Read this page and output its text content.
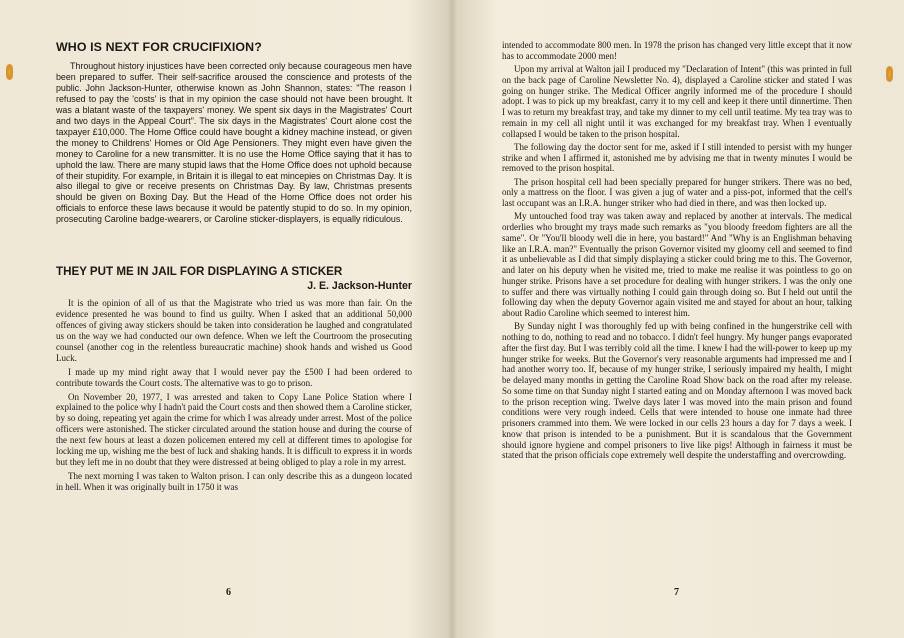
WHO IS NEXT FOR CRUCIFIXION?

Throughout history injustices have been corrected only because courageous men have been prepared to suffer. Their self-sacrifice aroused the conscience and protests of the public. John Jackson-Hunter, otherwise known as John Shannon, states: "The reason I refused to pay the 'costs' is that in my opinion the case should not have been brought. It was a blatant waste of the taxpayers' money. We spent six days in the Magistrates' Court and two days in the Appeal Court". The six days in the Magistrates' Court alone cost the taxpayer £10,000. The Home Office could have bought a kidney machine instead, or given the money to Childrens' Homes or Old Age Pensioners. They might even have given the money to Caroline for a new transmitter. It is no use the Home Office saying that it has to uphold the law. There are many stupid laws that the Home Office does not uphold because of their stupidity. For example, in Britain it is illegal to eat mincepies on Christmas Day. It is also illegal to give or receive presents on Christmas Day. By law, Christmas presents should be given on Boxing Day. But the Head of the Home Office does not order his officials to enforce these laws because it would be patently stupid to do so. In my opinion, prosecuting Caroline badge-wearers, or Caroline sticker-displayers, is equally ridiculous.

THEY PUT ME IN JAIL FOR DISPLAYING A STICKER
J. E. Jackson-Hunter

It is the opinion of all of us that the Magistrate who tried us was more than fair. On the evidence presented he was bound to find us guilty. When I asked that an additional 50,000 offences of giving away stickers should be taken into consideration he laughed and congratulated us on the way we had conducted our own defence. When we left the Courtroom the prosecuting counsel (another cog in the relentless bureaucratic machine) shook hands and wished us Good Luck.

I made up my mind right away that I would never pay the £500 I had been ordered to contribute towards the Court costs. The alternative was to go to prison.

On November 20, 1977, I was arrested and taken to Copy Lane Police Station where I explained to the police why I hadn't paid the Court costs and then showed them a Caroline sticker, by so doing, repeating yet again the crime for which I was already under arrest. Most of the police officers were astonished. The sticker circulated around the station house and during the course of the next few hours at least a dozen policemen entered my cell at different times to apologise for locking me up, wishing me the best of luck and shaking hands. It is difficult to express it in words but they left me in no doubt that they were distressed at being obliged to play a role in my arrest.

The next morning I was taken to Walton prison. I can only describe this as a dungeon located in hell. When it was originally built in 1750 it was

6

intended to accommodate 800 men. In 1978 the prison has changed very little except that it now has to accommodate 2000 men!

Upon my arrival at Walton jail I produced my "Declaration of Intent" (this was printed in full on the back page of Caroline Newsletter No. 4), displayed a Caroline sticker and stated I was going on hunger strike. The Medical Officer angrily informed me of the procedure I should adopt. I was to pick up my breakfast, carry it to my cell and keep it there until dinnertime. Then I was to return my breakfast tray, and take my dinner to my cell until teatime. My tea tray was to remain in my cell all night until it was exchanged for my breakfast tray. When I eventually collapsed I would be taken to the prison hospital.

The following day the doctor sent for me, asked if I still intended to persist with my hunger strike and when I affirmed it, astonished me by advising me that in twenty minutes I would be removed to the prison hospital.

The prison hospital cell had been specially prepared for hunger strikers. There was no bed, only a mattress on the floor. I was given a jug of water and a piss-pot, informed that the cell's last occupant was an I.R.A. hunger striker who had died in there, and was then locked up.

My untouched food tray was taken away and replaced by another at intervals. The medical orderlies who brought my trays made such remarks as "you bloody freedom fighters are all the same". Or "You'll bloody well die in here, you bastard!" And "Why is an Englishman behaving like an I.R.A. man?" Eventually the prison Governor visited my gloomy cell and seemed to find it as unbelievable as I did that simply displaying a sticker could bring me to this. The Governor, and later on his deputy when he visited me, tried to make me realise it was pointless to go on hunger strike. Prisons have a set procedure for dealing with hunger strikers. I was the only one to suffer and there was virtually nothing I could gain through doing so. But I held out until the following day when the deputy Governor again visited me and stayed for about an hour, talking about Radio Caroline which seemed to interest him.

By Sunday night I was thoroughly fed up with being confined in the hungerstrike cell with nothing to do, nothing to read and no tobacco. I didn't feel hungry. My hunger pangs evaporated after the first day. But I was terribly cold all the time. I knew I had the will-power to keep up my hunger strike for weeks. But the Governor's very reasonable arguments had impressed me and I had another worry too. If, because of my hunger strike, I seriously impaired my health, I might be delayed many months in getting the Caroline Road Show back on the road after my release. So some time on that Sunday night I started eating and on Monday afternoon I was moved back to the prison reception wing. Twelve days later I was moved into the main prison and found conditions were very rough indeed. Cells that were intended to house one inmate had three prisoners crammed into them. We were locked in our cells 23 hours a day for 7 days a week. I know that prison is intended to be a punishment. But it is scandalous that the Government should ignore hygiene and compel prisoners to live like pigs! Although in fairness it must be stated that the prison officials cope extremely well despite the understaffing and overcrowding.

7
